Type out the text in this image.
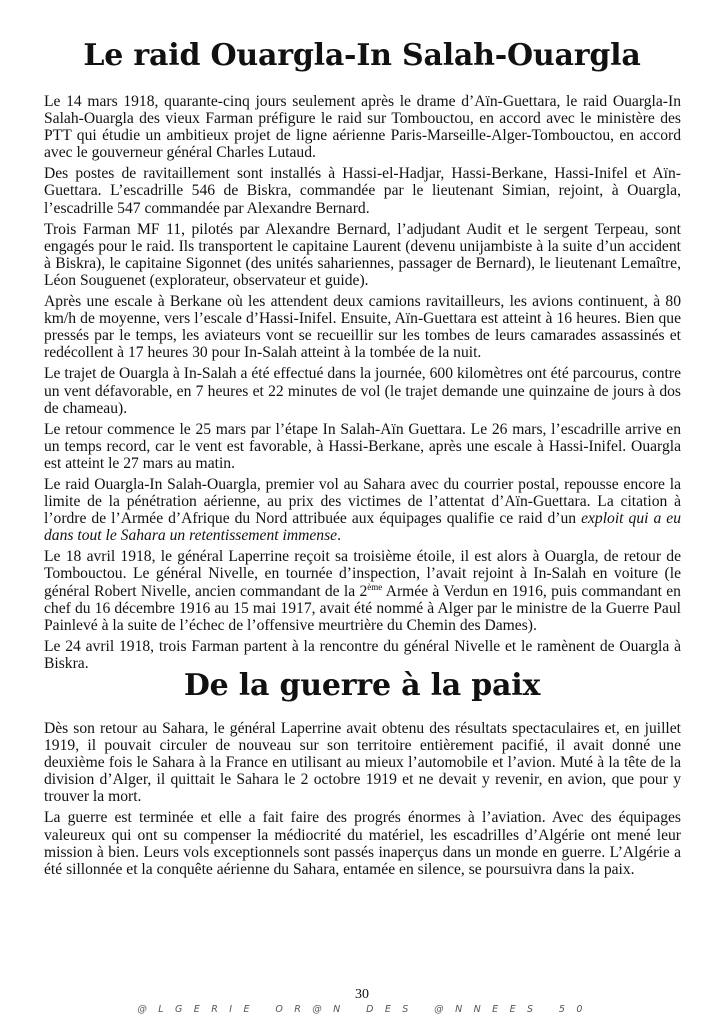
Le raid Ouargla-In Salah-Ouargla

Le 14 mars 1918, quarante-cinq jours seulement après le drame d’Aïn-Guettara, le raid Ouargla-In Salah-Ouargla des vieux Farman préfigure le raid sur Tombouctou, en accord avec le ministère des PTT qui étudie un ambitieux projet de ligne aérienne Paris-Marseille-Alger-Tombouctou, en accord avec le gouverneur général Charles Lutaud.

Des postes de ravitaillement sont installés à Hassi-el-Hadjar, Hassi-Berkane, Hassi-Inifel et Aïn-Guettara. L’escadrille 546 de Biskra, commandée par le lieutenant Simian, rejoint, à Ouargla, l’escadrille 547 commandée par Alexandre Bernard.

Trois Farman MF 11, pilotés par Alexandre Bernard, l’adjudant Audit et le sergent Terpeau, sont engagés pour le raid. Ils transportent le capitaine Laurent (devenu unijambiste à la suite d’un accident à Biskra), le capitaine Sigonnet (des unités sahariennes, passager de Bernard), le lieutenant Lemaître, Léon Souguenet (explorateur, observateur et guide).

Après une escale à Berkane où les attendent deux camions ravitailleurs, les avions continuent, à 80 km/h de moyenne, vers l’escale d’Hassi-Inifel. Ensuite, Aïn-Guettara est atteint à 16 heures. Bien que pressés par le temps, les aviateurs vont se recueillir sur les tombes de leurs camarades assassinés et redécollent à 17 heures 30 pour In-Salah atteint à la tombée de la nuit.

Le trajet de Ouargla à In-Salah a été effectué dans la journée, 600 kilomètres ont été parcourus, contre un vent défavorable, en 7 heures et 22 minutes de vol (le trajet demande une quinzaine de jours à dos de chameau).

Le retour commence le 25 mars par l’étape In Salah-Aïn Guettara. Le 26 mars, l’escadrille arrive en un temps record, car le vent est favorable, à Hassi-Berkane, après une escale à Hassi-Inifel. Ouargla est atteint le 27 mars au matin.

Le raid Ouargla-In Salah-Ouargla, premier vol au Sahara avec du courrier postal, repousse encore la limite de la pénétration aérienne, au prix des victimes de l’attentat d’Aïn-Guettara. La citation à l’ordre de l’Armée d’Afrique du Nord attribuée aux équipages qualifie ce raid d’un exploit qui a eu dans tout le Sahara un retentissement immense.

Le 18 avril 1918, le général Laperrine reçoit sa troisième étoile, il est alors à Ouargla, de retour de Tombouctou. Le général Nivelle, en tournée d’inspection, l’avait rejoint à In-Salah en voiture (le général Robert Nivelle, ancien commandant de la 2ème Armée à Verdun en 1916, puis commandant en chef du 16 décembre 1916 au 15 mai 1917, avait été nommé à Alger par le ministre de la Guerre Paul Painlevé à la suite de l’échec de l’offensive meurtrière du Chemin des Dames).

Le 24 avril 1918, trois Farman partent à la rencontre du général Nivelle et le ramènent de Ouargla à Biskra.

De la guerre à la paix

Dès son retour au Sahara, le général Laperrine avait obtenu des résultats spectaculaires et, en juillet 1919, il pouvait circuler de nouveau sur son territoire entièrement pacifié, il avait donné une deuxième fois le Sahara à la France en utilisant au mieux l’automobile et l’avion. Muté à la tête de la division d’Alger, il quittait le Sahara le 2 octobre 1919 et ne devait y revenir, en avion, que pour y trouver la mort.

La guerre est terminée et elle a fait faire des progrés énormes à l’aviation. Avec des équipages valeureux qui ont su compenser la médiocrité du matériel, les escadrilles d’Algérie ont mené leur mission à bien. Leurs vols exceptionnels sont passés inaperçus dans un monde en guerre. L’Algérie a été sillonnée et la conquête aérienne du Sahara, entamée en silence, se poursuivra dans la paix.

30
@ L G E R I E   O R @ N   D E S   @ N N E E S   5 0
